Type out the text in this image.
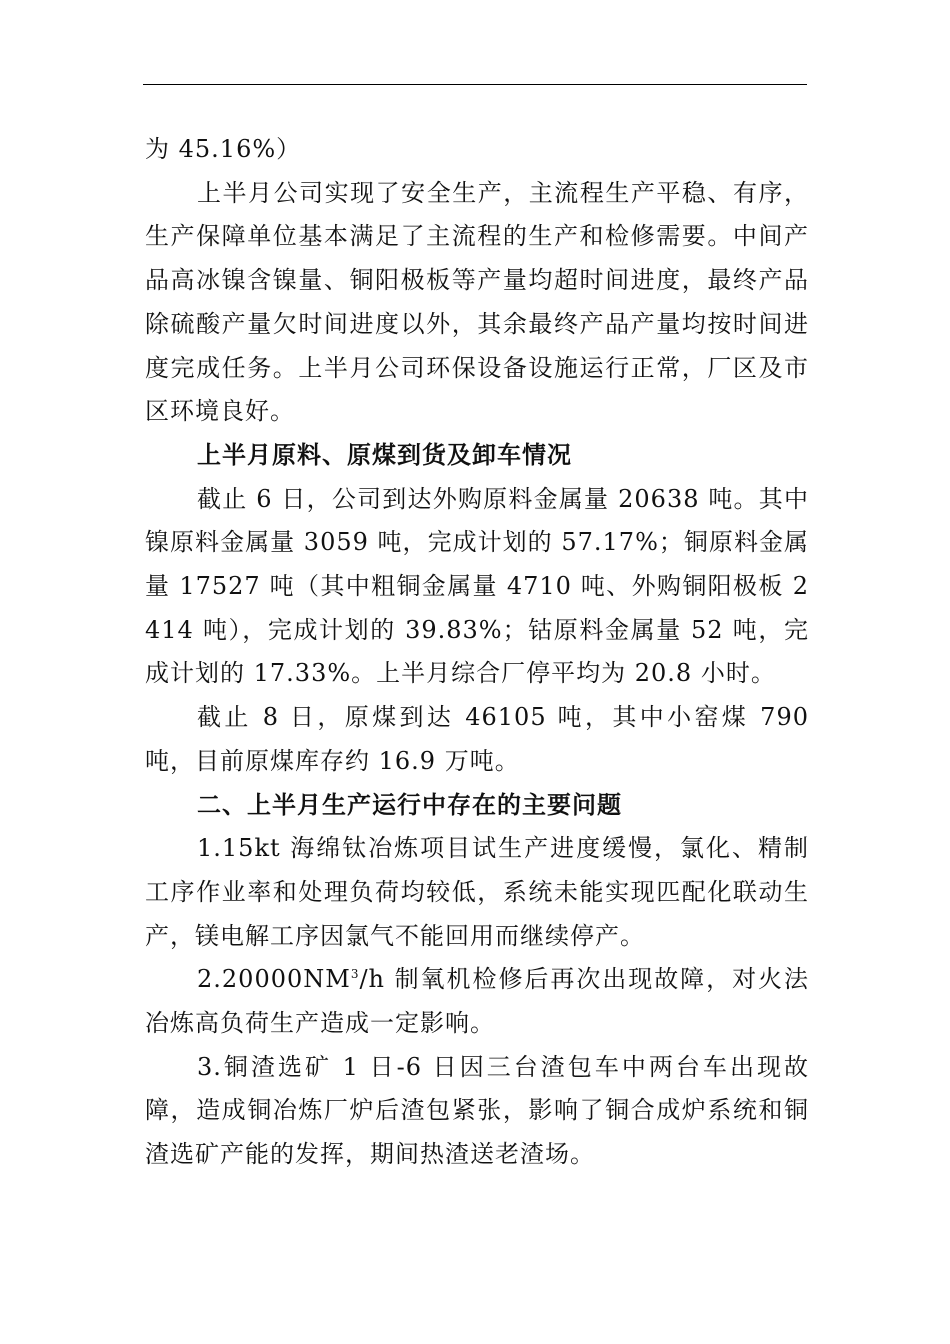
为 45.16%）

上半月公司实现了安全生产，主流程生产平稳、有序，生产保障单位基本满足了主流程的生产和检修需要。中间产品高冰镍含镍量、铜阳极板等产量均超时间进度，最终产品除硫酸产量欠时间进度以外，其余最终产品产量均按时间进度完成任务。上半月公司环保设备设施运行正常，厂区及市区环境良好。

上半月原料、原煤到货及卸车情况

截止 6 日，公司到达外购原料金属量 20638 吨。其中镍原料金属量 3059 吨，完成计划的 57.17%；铜原料金属量 17527 吨（其中粗铜金属量 4710 吨、外购铜阳极板 2414 吨），完成计划的 39.83%；钴原料金属量 52 吨，完成计划的 17.33%。上半月综合厂停平均为 20.8 小时。

截止 8 日，原煤到达 46105 吨，其中小窑煤 790 吨，目前原煤库存约 16.9 万吨。

二、上半月生产运行中存在的主要问题

1.15kt 海绵钛冶炼项目试生产进度缓慢，氯化、精制工序作业率和处理负荷均较低，系统未能实现匹配化联动生产，镁电解工序因氯气不能回用而继续停产。

$2.20000NM^3/h$ 制氧机检修后再次出现故障，对火法冶炼高负荷生产造成一定影响。

3.铜渣选矿 1 日-6 日因三台渣包车中两台车出现故障，造成铜冶炼厂炉后渣包紧张，影响了铜合成炉系统和铜渣选矿产能的发挥，期间热渣送老渣场。
